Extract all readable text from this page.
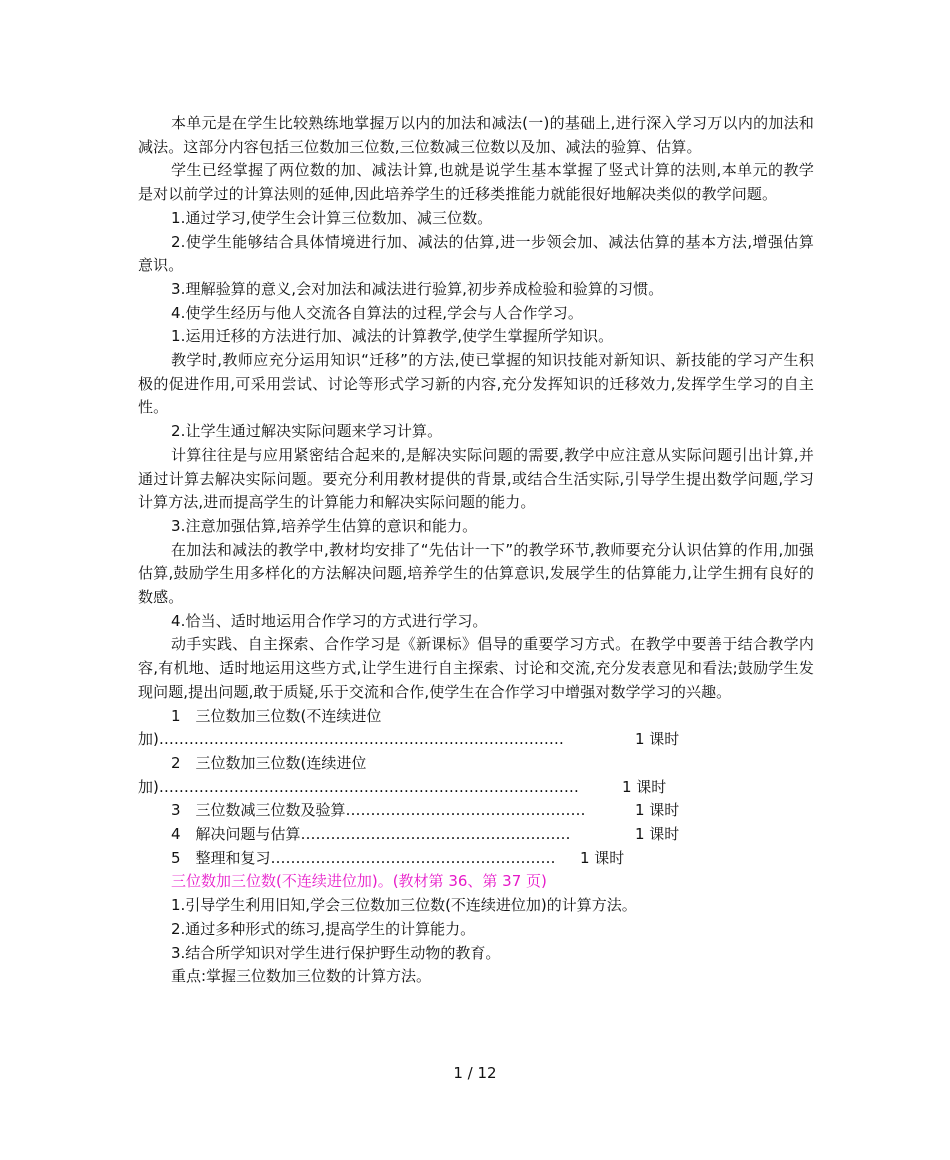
本单元是在学生比较熟练地掌握万以内的加法和减法(一)的基础上,进行深入学习万以内的加法和减法。这部分内容包括三位数加三位数,三位数减三位数以及加、减法的验算、估算。

学生已经掌握了两位数的加、减法计算,也就是说学生基本掌握了竖式计算的法则,本单元的教学是对以前学过的计算法则的延伸,因此培养学生的迁移类推能力就能很好地解决类似的教学问题。

1.通过学习,使学生会计算三位数加、减三位数。

2.使学生能够结合具体情境进行加、减法的估算,进一步领会加、减法估算的基本方法,增强估算意识。

3.理解验算的意义,会对加法和减法进行验算,初步养成检验和验算的习惯。

4.使学生经历与他人交流各自算法的过程,学会与人合作学习。

1.运用迁移的方法进行加、减法的计算教学,使学生掌握所学知识。

教学时,教师应充分运用知识“迁移”的方法,使已掌握的知识技能对新知识、新技能的学习产生积极的促进作用,可采用尝试、讨论等形式学习新的内容,充分发挥知识的迁移效力,发挥学生学习的自主性。

2.让学生通过解决实际问题来学习计算。

计算往往是与应用紧密结合起来的,是解决实际问题的需要,教学中应注意从实际问题引出计算,并通过计算去解决实际问题。要充分利用教材提供的背景,或结合生活实际,引导学生提出数学问题,学习计算方法,进而提高学生的计算能力和解决实际问题的能力。

3.注意加强估算,培养学生估算的意识和能力。

在加法和减法的教学中,教材均安排了“先估计一下”的教学环节,教师要充分认识估算的作用,加强估算,鼓励学生用多样化的方法解决问题,培养学生的估算意识,发展学生的估算能力,让学生拥有良好的数感。

4.恰当、适时地运用合作学习的方式进行学习。

动手实践、自主探索、合作学习是《新课标》倡导的重要学习方式。在教学中要善于结合教学内容,有机地、适时地运用这些方式,让学生进行自主探索、讨论和交流,充分发表意见和看法;鼓励学生发现问题,提出问题,敢于质疑,乐于交流和合作,使学生在合作学习中增强对数学学习的兴趣。

1　三位数加三位数(不连续进位
加)………………………………………………………………………	1 课时
2　三位数加三位数(连续进位
加)…………………………………………………………………………	1 课时
3　三位数减三位数及验算…………………………………………	1 课时
4　解决问题与估算………………………………………………	1 课时
5　整理和复习………………………………………………… 1 课时

三位数加三位数(不连续进位加)。(教材第 36、第 37 页)

1.引导学生利用旧知,学会三位数加三位数(不连续进位加)的计算方法。

2.通过多种形式的练习,提高学生的计算能力。

3.结合所学知识对学生进行保护野生动物的教育。

重点:掌握三位数加三位数的计算方法。

1 / 12
